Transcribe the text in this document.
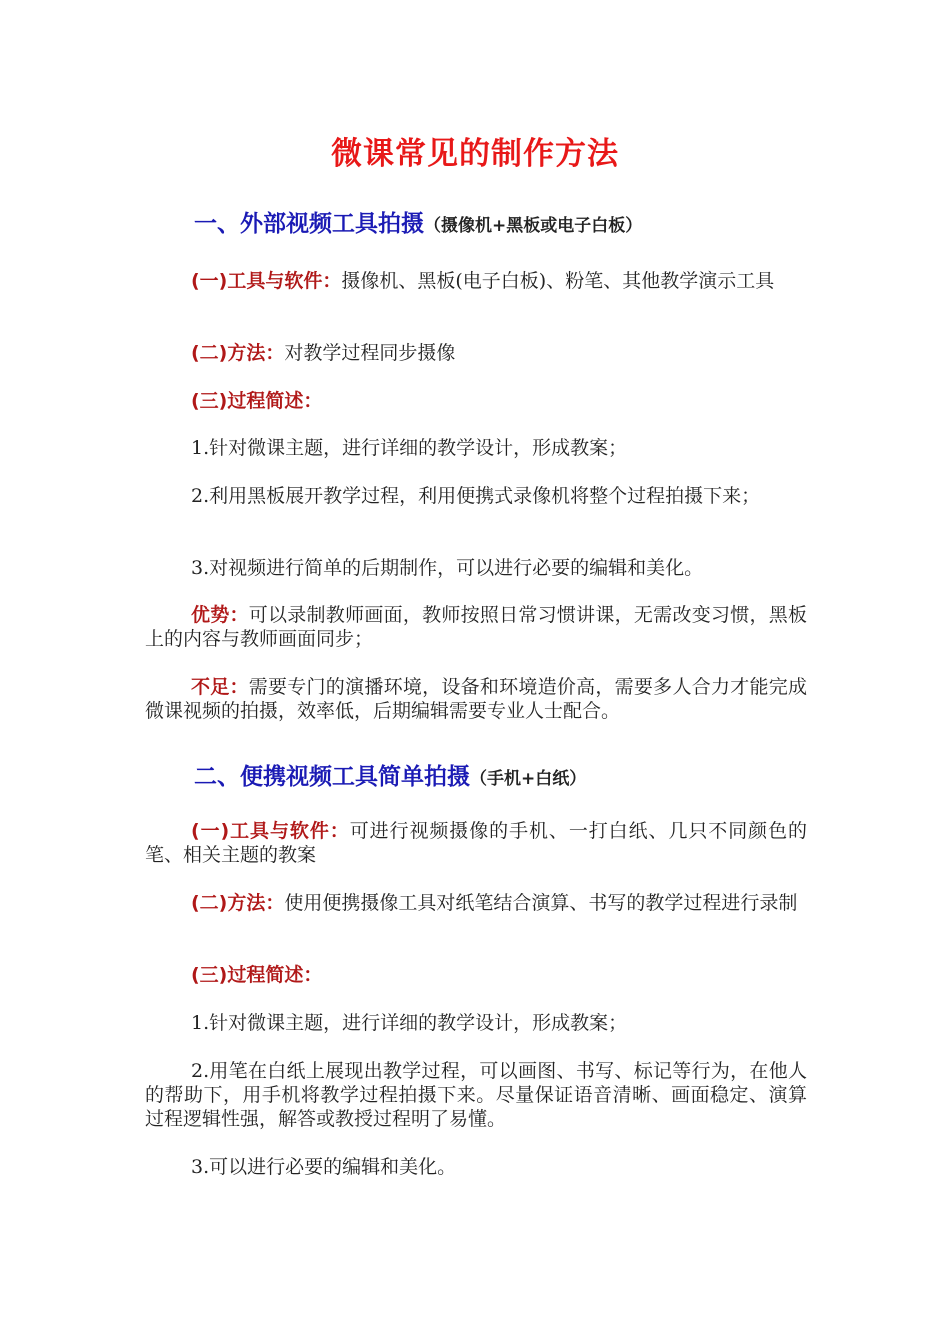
微课常见的制作方法
一、外部视频工具拍摄（摄像机+黑板或电子白板）
(一)工具与软件：摄像机、黑板(电子白板)、粉笔、其他教学演示工具
(二)方法：对教学过程同步摄像
(三)过程简述：
1.针对微课主题，进行详细的教学设计，形成教案；
2.利用黑板展开教学过程，利用便携式录像机将整个过程拍摄下来；
3.对视频进行简单的后期制作，可以进行必要的编辑和美化。
优势：可以录制教师画面，教师按照日常习惯讲课，无需改变习惯，黑板上的内容与教师画面同步；
不足：需要专门的演播环境，设备和环境造价高，需要多人合力才能完成微课视频的拍摄，效率低，后期编辑需要专业人士配合。
二、便携视频工具简单拍摄（手机+白纸）
(一)工具与软件：可进行视频摄像的手机、一打白纸、几只不同颜色的笔、相关主题的教案
(二)方法：使用便携摄像工具对纸笔结合演算、书写的教学过程进行录制
(三)过程简述：
1.针对微课主题，进行详细的教学设计，形成教案；
2.用笔在白纸上展现出教学过程，可以画图、书写、标记等行为，在他人的帮助下，用手机将教学过程拍摄下来。尽量保证语音清晰、画面稳定、演算过程逻辑性强，解答或教授过程明了易懂。
3.可以进行必要的编辑和美化。
